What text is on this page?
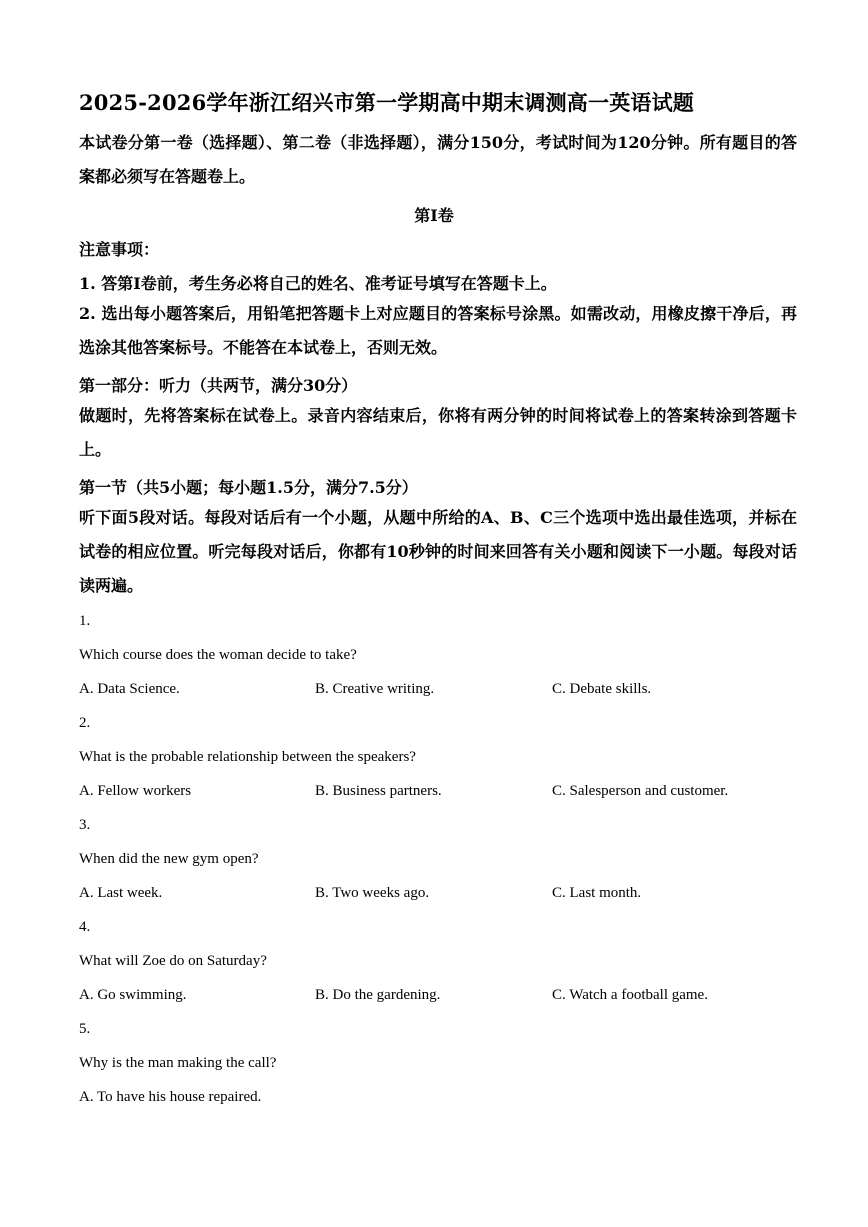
2025-2026学年浙江绍兴市第一学期高中期末调测高一英语试题
本试卷分第一卷（选择题）、第二卷（非选择题），满分150分，考试时间为120分钟。所有题目的答案都必须写在答题卷上。
第Ⅰ卷
注意事项：
1. 答第Ⅰ卷前，考生务必将自己的姓名、准考证号填写在答题卡上。
2. 选出每小题答案后，用铅笔把答题卡上对应题目的答案标号涂黑。如需改动，用橡皮擦干净后，再选涂其他答案标号。不能答在本试卷上，否则无效。
第一部分：听力（共两节，满分30分）
做题时，先将答案标在试卷上。录音内容结束后，你将有两分钟的时间将试卷上的答案转涂到答题卡上。
第一节（共5小题；每小题1.5分，满分7.5分）
听下面5段对话。每段对话后有一个小题，从题中所给的A、B、C三个选项中选出最佳选项，并标在试卷的相应位置。听完每段对话后，你都有10秒钟的时间来回答有关小题和阅读下一小题。每段对话读两遍。
1.
Which course does the woman decide to take?
A. Data Science.	B. Creative writing.	C. Debate skills.
2.
What is the probable relationship between the speakers?
A. Fellow workers	B. Business partners.	C. Salesperson and customer.
3.
When did the new gym open?
A. Last week.	B. Two weeks ago.	C. Last month.
4.
What will Zoe do on Saturday?
A. Go swimming.	B. Do the gardening.	C. Watch a football game.
5.
Why is the man making the call?
A. To have his house repaired.
